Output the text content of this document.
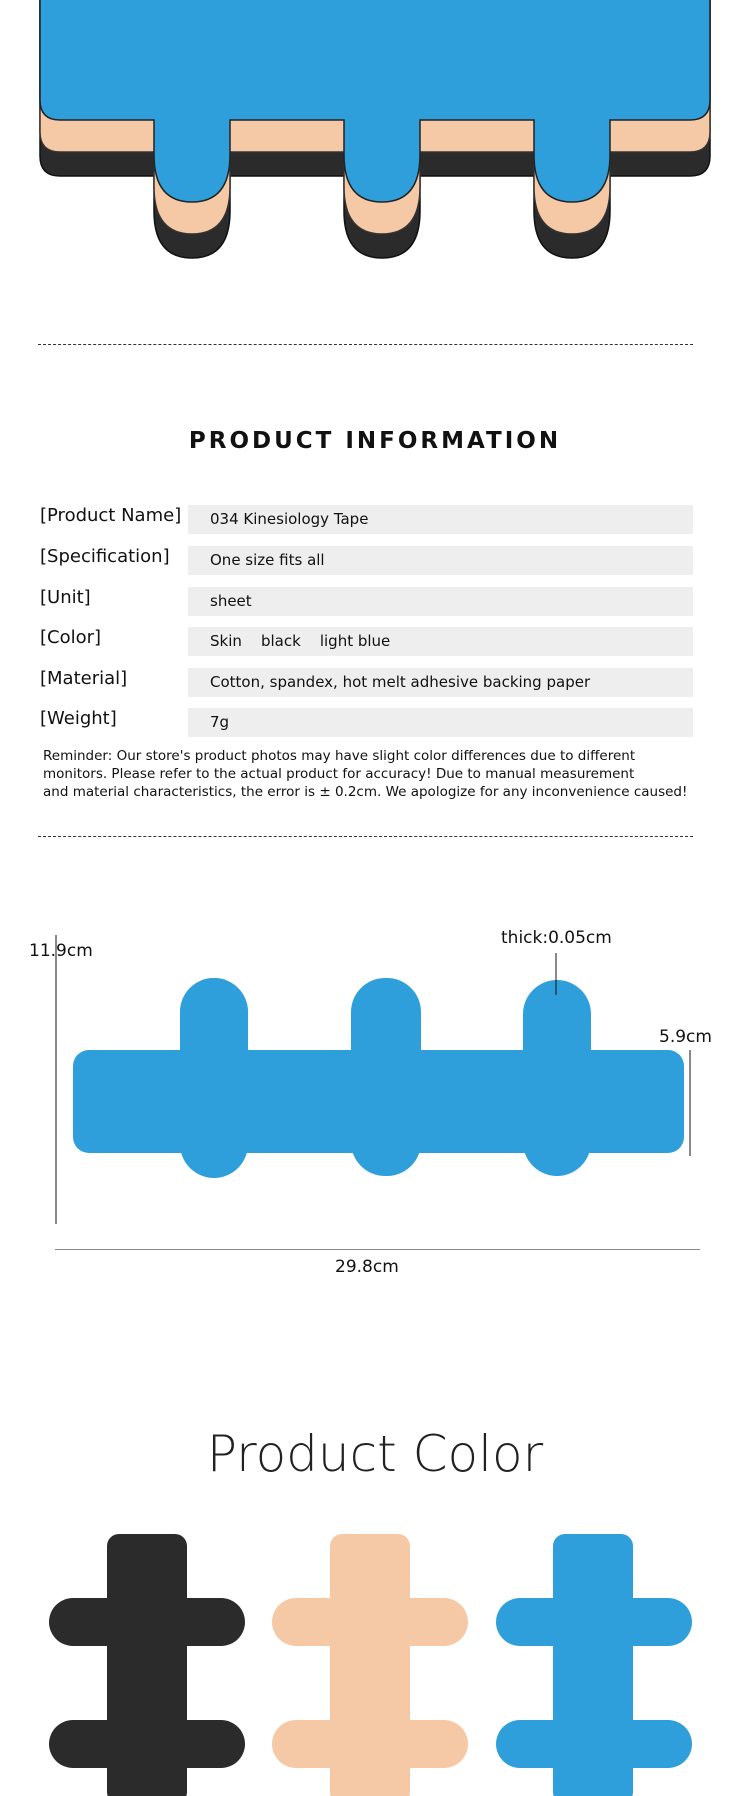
PRODUCT INFORMATION
[Product Name]	034 Kinesiology Tape
[Specification]	One size fits all
[Unit]	sheet
[Color]	Skin    black    light blue
[Material]	Cotton, spandex, hot melt adhesive backing paper
[Weight]	7g
Reminder: Our store's product photos may have slight color differences due to different
monitors. Please refer to the actual product for accuracy! Due to manual measurement
and material characteristics, the error is ± 0.2cm. We apologize for any inconvenience caused!
11.9cm
thick:0.05cm
5.9cm
29.8cm
Product Color
